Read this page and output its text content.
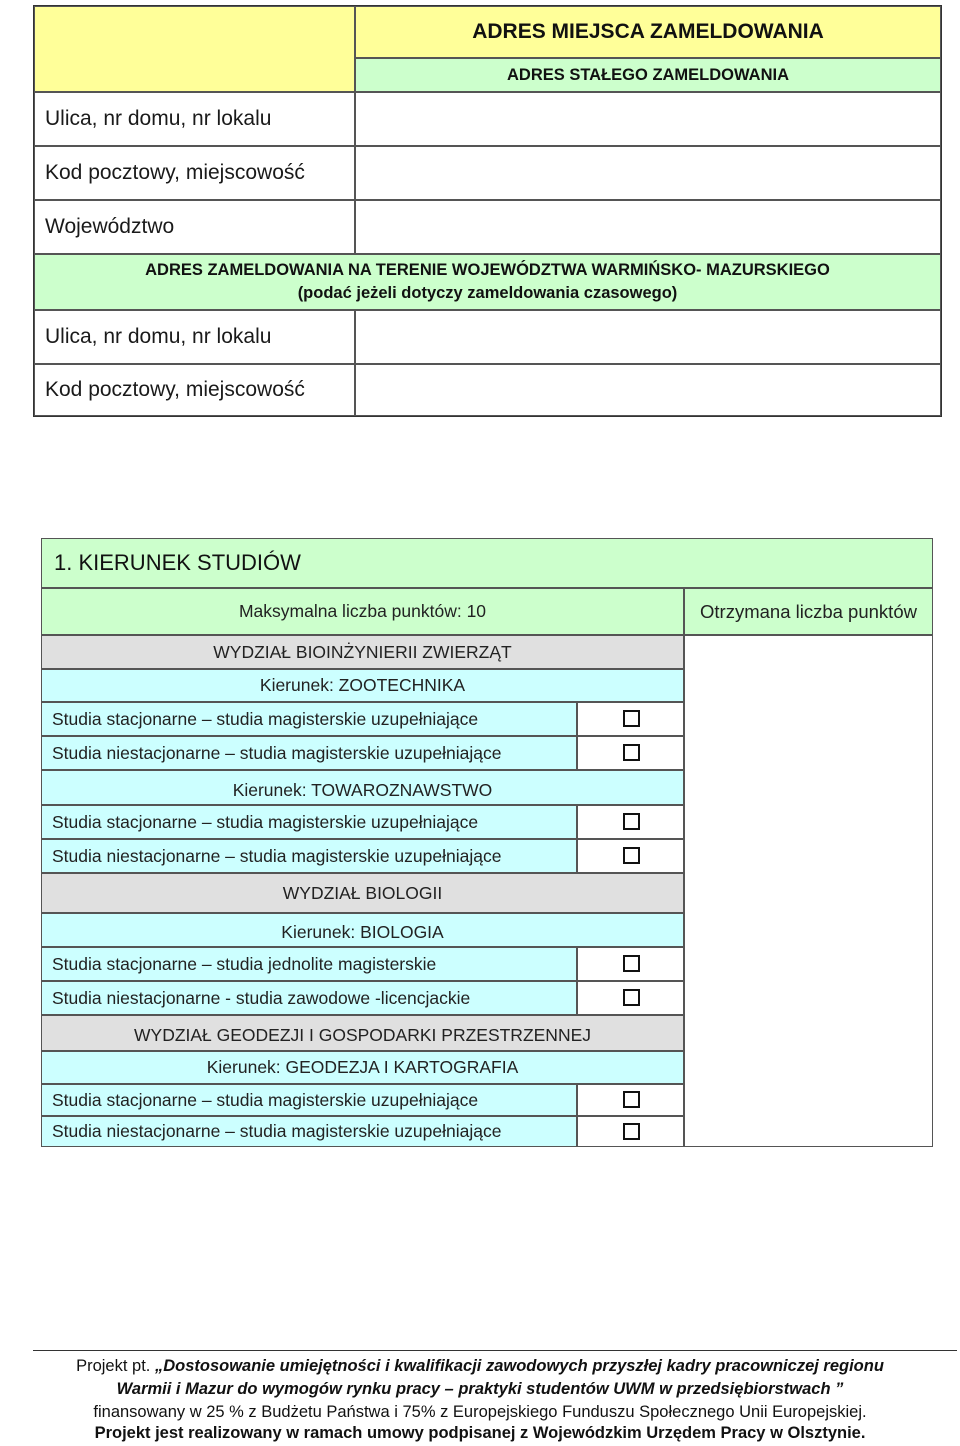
ADRES MIEJSCA ZAMELDOWANIA
ADRES STAŁEGO ZAMELDOWANIA
Ulica, nr domu, nr lokalu
Kod pocztowy, miejscowość
Województwo
ADRES ZAMELDOWANIA NA TERENIE WOJEWÓDZTWA WARMIŃSKO- MAZURSKIEGO
(podać jeżeli dotyczy zameldowania czasowego)
Ulica, nr domu, nr lokalu
Kod pocztowy, miejscowość
1. KIERUNEK STUDIÓW
Maksymalna liczba punktów: 10	Otrzymana liczba punktów
WYDZIAŁ BIOINŻYNIERII ZWIERZĄT
Kierunek: ZOOTECHNIKA
Studia stacjonarne – studia magisterskie uzupełniające
Studia niestacjonarne – studia magisterskie uzupełniające
Kierunek: TOWAROZNAWSTWO
Studia stacjonarne – studia magisterskie uzupełniające
Studia niestacjonarne – studia magisterskie uzupełniające
WYDZIAŁ BIOLOGII
Kierunek: BIOLOGIA
Studia stacjonarne – studia jednolite magisterskie
Studia niestacjonarne - studia zawodowe -licencjackie
WYDZIAŁ GEODEZJI I GOSPODARKI PRZESTRZENNEJ
Kierunek: GEODEZJA I KARTOGRAFIA
Studia stacjonarne – studia magisterskie uzupełniające
Studia niestacjonarne – studia magisterskie uzupełniające
Projekt pt. „Dostosowanie umiejętności i kwalifikacji zawodowych przyszłej kadry pracowniczej regionu
Warmii i Mazur do wymogów rynku pracy – praktyki studentów UWM w przedsiębiorstwach ”
finansowany w 25 % z Budżetu Państwa i 75% z Europejskiego Funduszu Społecznego Unii Europejskiej.
Projekt jest realizowany w ramach umowy podpisanej z Wojewódzkim Urzędem Pracy w Olsztynie.
